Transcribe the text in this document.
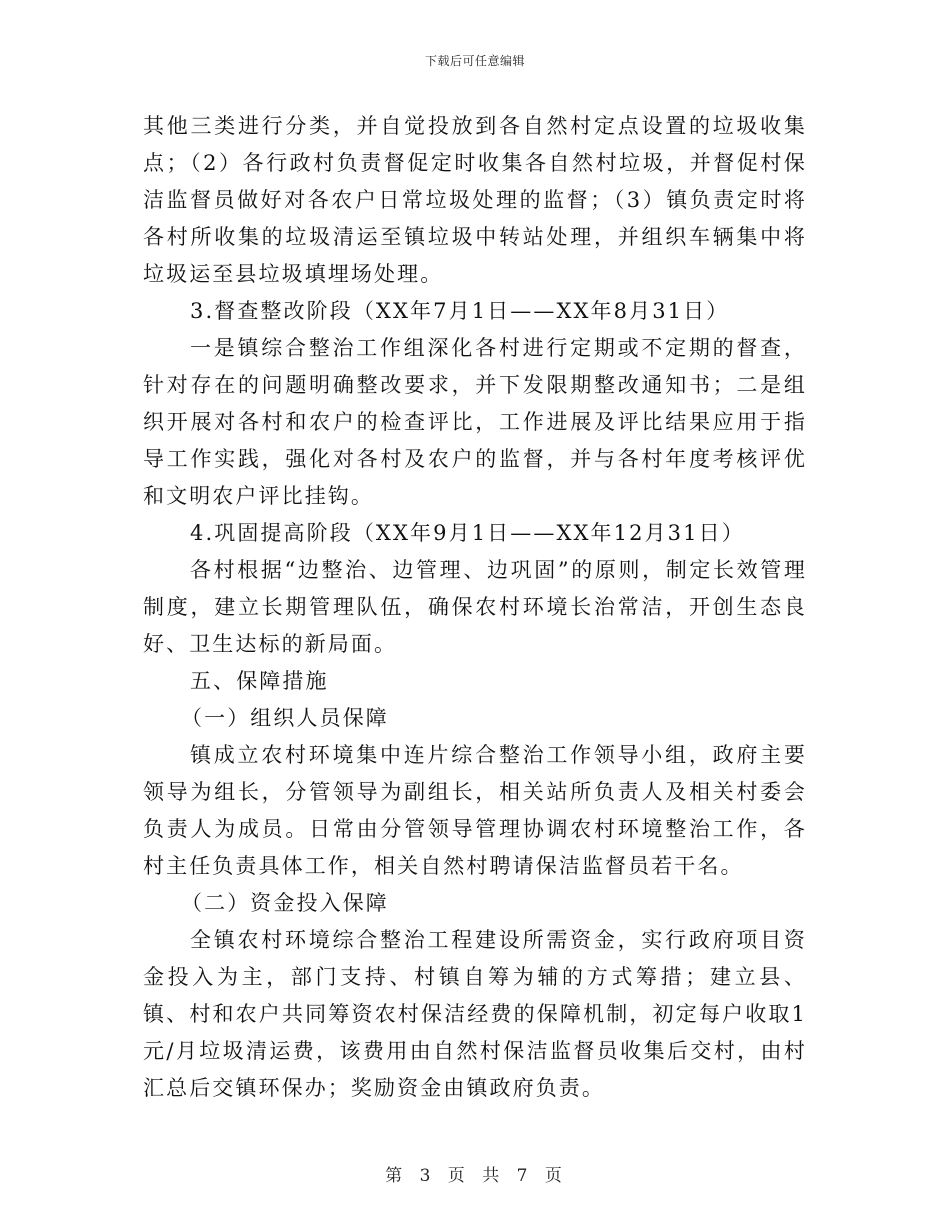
下载后可任意编辑

其他三类进行分类，并自觉投放到各自然村定点设置的垃圾收集点；（2）各行政村负责督促定时收集各自然村垃圾，并督促村保洁监督员做好对各农户日常垃圾处理的监督；（3）镇负责定时将各村所收集的垃圾清运至镇垃圾中转站处理，并组织车辆集中将垃圾运至县垃圾填埋场处理。

3.督查整改阶段（XX年7月1日——XX年8月31日）

一是镇综合整治工作组深化各村进行定期或不定期的督查，针对存在的问题明确整改要求，并下发限期整改通知书；二是组织开展对各村和农户的检查评比，工作进展及评比结果应用于指导工作实践，强化对各村及农户的监督，并与各村年度考核评优和文明农户评比挂钩。

4.巩固提高阶段（XX年9月1日——XX年12月31日）

各村根据“边整治、边管理、边巩固”的原则，制定长效管理制度，建立长期管理队伍，确保农村环境长治常洁，开创生态良好、卫生达标的新局面。

五、保障措施

（一）组织人员保障

镇成立农村环境集中连片综合整治工作领导小组，政府主要领导为组长，分管领导为副组长，相关站所负责人及相关村委会负责人为成员。日常由分管领导管理协调农村环境整治工作，各村主任负责具体工作，相关自然村聘请保洁监督员若干名。

（二）资金投入保障

全镇农村环境综合整治工程建设所需资金，实行政府项目资金投入为主，部门支持、村镇自筹为辅的方式筹措；建立县、镇、村和农户共同筹资农村保洁经费的保障机制，初定每户收取1元/月垃圾清运费，该费用由自然村保洁监督员收集后交村，由村汇总后交镇环保办；奖励资金由镇政府负责。

第 3 页 共 7 页
